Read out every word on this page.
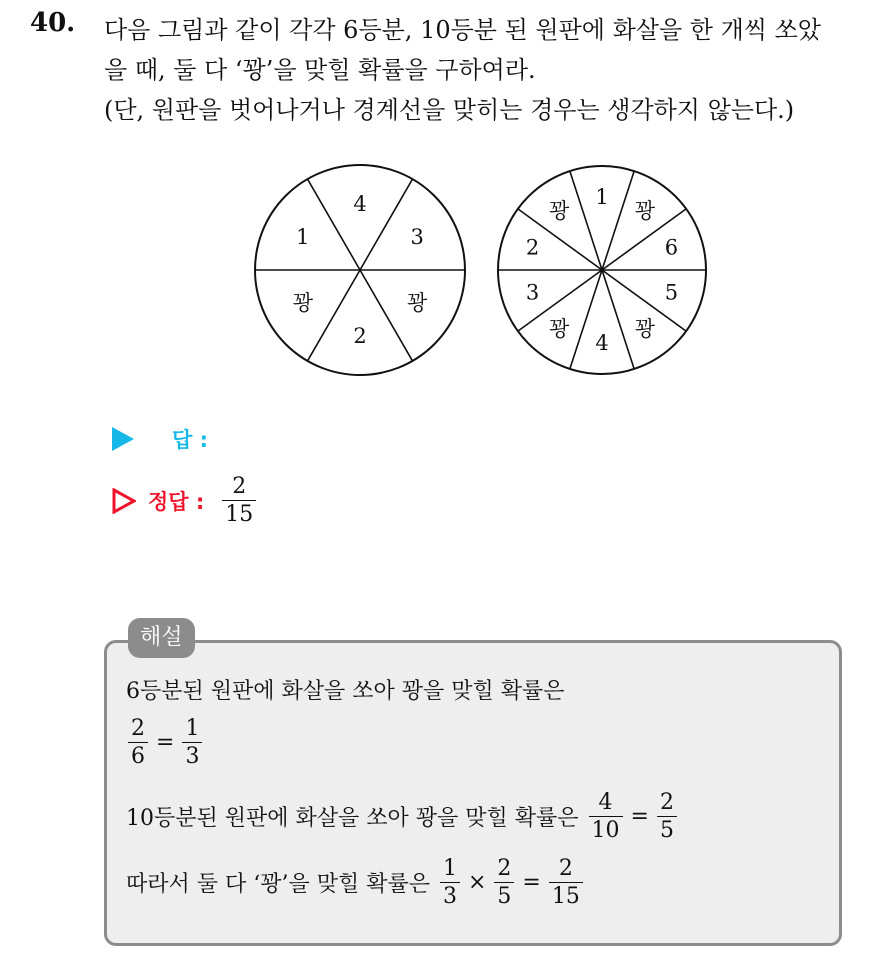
40. 다음 그림과 같이 각각 6등분, 10등분 된 원판에 화살을 한 개씩 쏘았
을 때, 둘 다 ‘꽝’을 맞힐 확률을 구하여라.
(단, 원판을 벗어나거나 경계선을 맞히는 경우는 생각하지 않는다.)
4
3
꽝
2
꽝
1
1
꽝
6
5
꽝
4
꽝
3
2
꽝
답 :
정답 : $\frac{2}{15}$
해설
6등분된 원판에 화살을 쏘아 꽝을 맞힐 확률은
$\frac{2}{6} = \frac{1}{3}$
10등분된 원판에 화살을 쏘아 꽝을 맞힐 확률은 $\frac{4}{10} = \frac{2}{5}$
따라서 둘 다 ‘꽝’을 맞힐 확률은 $\frac{1}{3} \times \frac{2}{5} = \frac{2}{15}$
